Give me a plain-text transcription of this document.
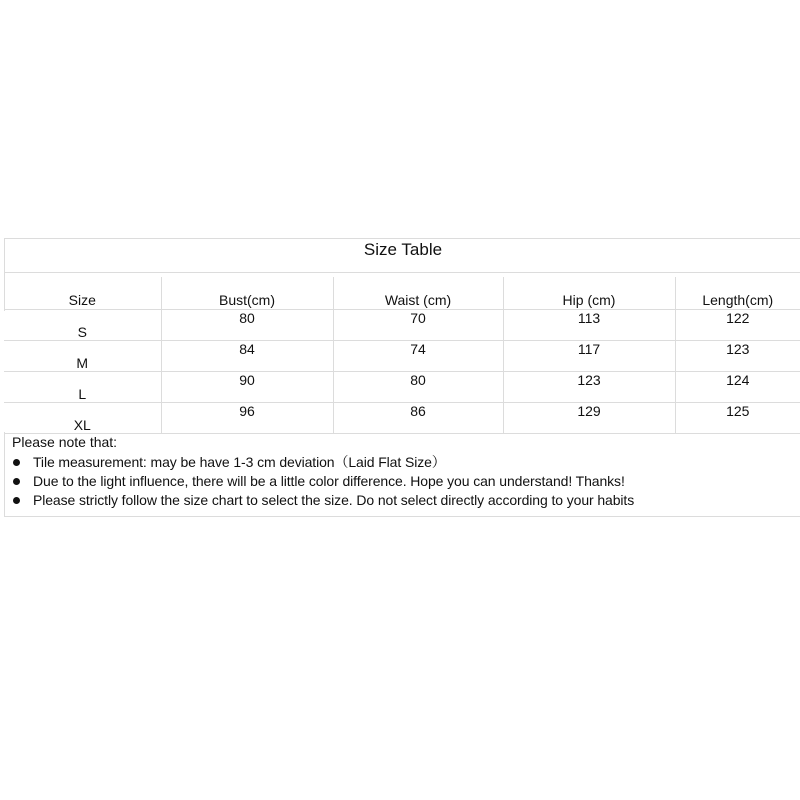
Size Table
Size	Bust(cm)	Waist (cm)	Hip (cm)	Length(cm)
S	80	70	113	122
M	84	74	117	123
L	90	80	123	124
XL	96	86	129	125
Please note that:
Tile measurement: may be have 1-3 cm deviation（Laid Flat Size）
Due to the light influence, there will be a little color difference. Hope you can understand! Thanks!
Please strictly follow the size chart to select the size. Do not select directly according to your habits
